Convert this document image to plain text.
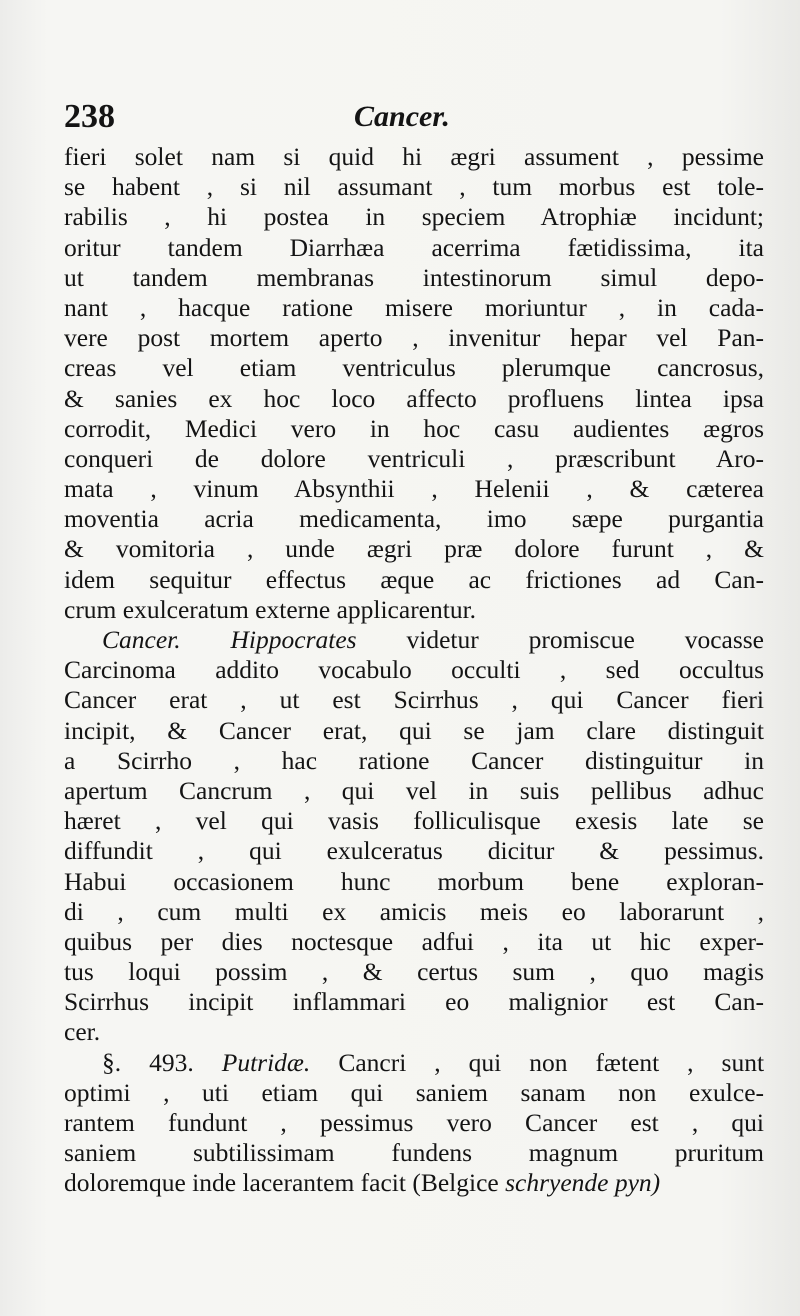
238	Cancer.
fieri solet nam si quid hi ægri assument , pessime
se habent , si nil assumant , tum morbus est tole-
rabilis , hi postea in speciem Atrophiæ incidunt;
oritur tandem Diarrhæa acerrima fætidissima, ita
ut tandem membranas intestinorum simul depo-
nant , hacque ratione misere moriuntur , in cada-
vere post mortem aperto , invenitur hepar vel Pan-
creas vel etiam ventriculus plerumque cancrosus,
& sanies ex hoc loco affecto profluens lintea ipsa
corrodit, Medici vero in hoc casu audientes ægros
conqueri de dolore ventriculi , præscribunt Aro-
mata , vinum Absynthii , Helenii , & cæterea
moventia acria medicamenta, imo sæpe purgantia
& vomitoria , unde ægri præ dolore furunt , &
idem sequitur effectus æque ac frictiones ad Can-
crum exulceratum externe applicarentur.
Cancer. Hippocrates videtur promiscue vocasse
Carcinoma addito vocabulo occulti , sed occultus
Cancer erat , ut est Scirrhus , qui Cancer fieri
incipit, & Cancer erat, qui se jam clare distinguit
a Scirrho , hac ratione Cancer distinguitur in
apertum Cancrum , qui vel in suis pellibus adhuc
hæret , vel qui vasis folliculisque exesis late se
diffundit , qui exulceratus dicitur & pessimus.
Habui occasionem hunc morbum bene exploran-
di , cum multi ex amicis meis eo laborarunt ,
quibus per dies noctesque adfui , ita ut hic exper-
tus loqui possim , & certus sum , quo magis
Scirrhus incipit inflammari eo malignior est Can-
cer.
§. 493. Putridæ. Cancri , qui non fætent , sunt
optimi , uti etiam qui saniem sanam non exulce-
rantem fundunt , pessimus vero Cancer est , qui
saniem subtilissimam fundens magnum pruritum
doloremque inde lacerantem facit (Belgice schryende pyn)
